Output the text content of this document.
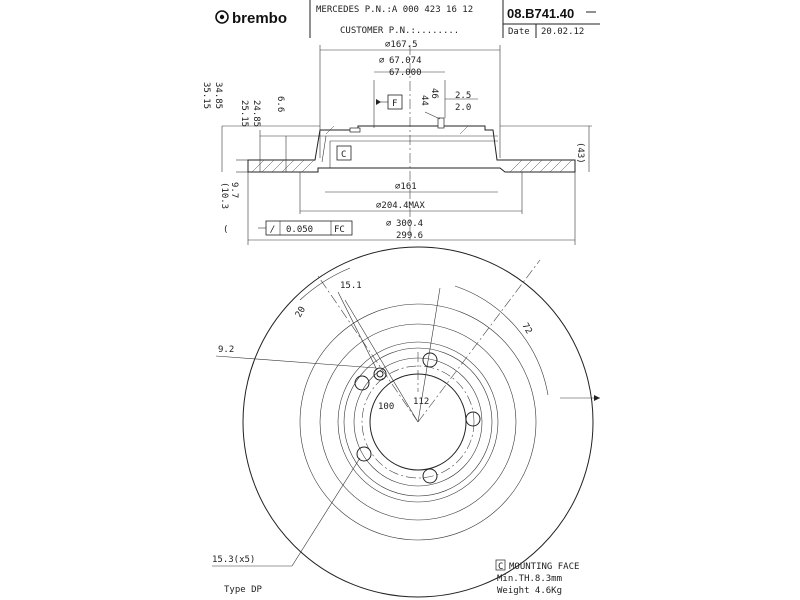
brembo	MERCEDES P.N.:A 000 423 16 12
CUSTOMER P.N.:........
08.B741.40
Date 20.02.12
∅167.5
∅ 67.074
67.000
F
46
44	2.5
2.0
35.15 34.85
25.15 24.85 6.6
(10.3 9.7
(
(43)
C
∅161
∅204.4MAX
∅ 300.4
299.6
/ 0.050 FC
15.1
20
72
9.2
100 112
15.3(x5)
C MOUNTING FACE
Min.TH.8.3mm
Weight 4.6Kg
Type DP
